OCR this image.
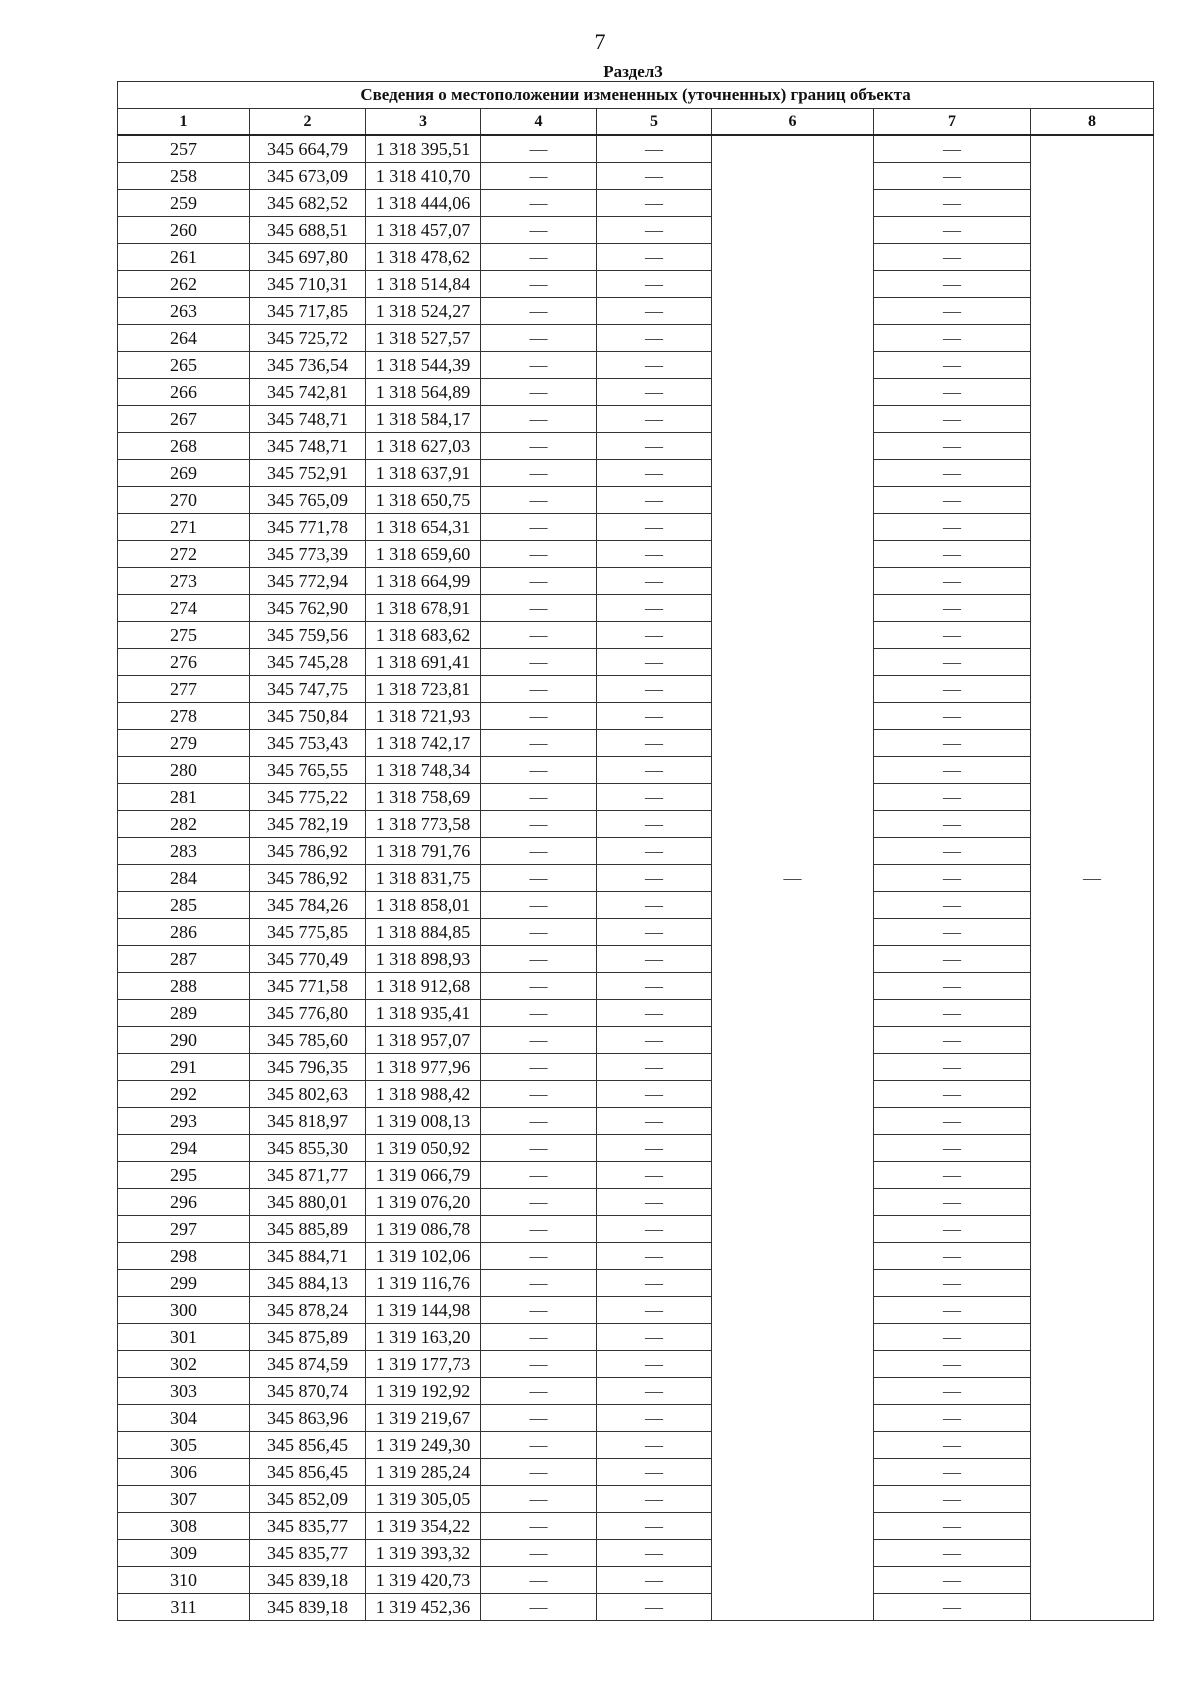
7
Раздел3
Сведения о местоположении измененных (уточненных) границ объекта							
1	2	3	4	5	6	7	8
257	345 664,79	1 318 395,51	—	—	—	—	—
258	345 673,09	1 318 410,70	—	—		—	
259	345 682,52	1 318 444,06	—	—		—	
260	345 688,51	1 318 457,07	—	—		—	
261	345 697,80	1 318 478,62	—	—		—	
262	345 710,31	1 318 514,84	—	—		—	
263	345 717,85	1 318 524,27	—	—		—	
264	345 725,72	1 318 527,57	—	—		—	
265	345 736,54	1 318 544,39	—	—		—	
266	345 742,81	1 318 564,89	—	—		—	
267	345 748,71	1 318 584,17	—	—		—	
268	345 748,71	1 318 627,03	—	—		—	
269	345 752,91	1 318 637,91	—	—		—	
270	345 765,09	1 318 650,75	—	—		—	
271	345 771,78	1 318 654,31	—	—		—	
272	345 773,39	1 318 659,60	—	—		—	
273	345 772,94	1 318 664,99	—	—		—	
274	345 762,90	1 318 678,91	—	—		—	
275	345 759,56	1 318 683,62	—	—		—	
276	345 745,28	1 318 691,41	—	—		—	
277	345 747,75	1 318 723,81	—	—		—	
278	345 750,84	1 318 721,93	—	—		—	
279	345 753,43	1 318 742,17	—	—		—	
280	345 765,55	1 318 748,34	—	—		—	
281	345 775,22	1 318 758,69	—	—		—	
282	345 782,19	1 318 773,58	—	—		—	
283	345 786,92	1 318 791,76	—	—		—	
284	345 786,92	1 318 831,75	—	—		—	
285	345 784,26	1 318 858,01	—	—		—	
286	345 775,85	1 318 884,85	—	—		—	
287	345 770,49	1 318 898,93	—	—		—	
288	345 771,58	1 318 912,68	—	—		—	
289	345 776,80	1 318 935,41	—	—		—	
290	345 785,60	1 318 957,07	—	—		—	
291	345 796,35	1 318 977,96	—	—		—	
292	345 802,63	1 318 988,42	—	—		—	
293	345 818,97	1 319 008,13	—	—		—	
294	345 855,30	1 319 050,92	—	—		—	
295	345 871,77	1 319 066,79	—	—		—	
296	345 880,01	1 319 076,20	—	—		—	
297	345 885,89	1 319 086,78	—	—		—	
298	345 884,71	1 319 102,06	—	—		—	
299	345 884,13	1 319 116,76	—	—		—	
300	345 878,24	1 319 144,98	—	—		—	
301	345 875,89	1 319 163,20	—	—		—	
302	345 874,59	1 319 177,73	—	—		—	
303	345 870,74	1 319 192,92	—	—		—	
304	345 863,96	1 319 219,67	—	—		—	
305	345 856,45	1 319 249,30	—	—		—	
306	345 856,45	1 319 285,24	—	—		—	
307	345 852,09	1 319 305,05	—	—		—	
308	345 835,77	1 319 354,22	—	—		—	
309	345 835,77	1 319 393,32	—	—		—	
310	345 839,18	1 319 420,73	—	—		—	
311	345 839,18	1 319 452,36	—	—		—	
